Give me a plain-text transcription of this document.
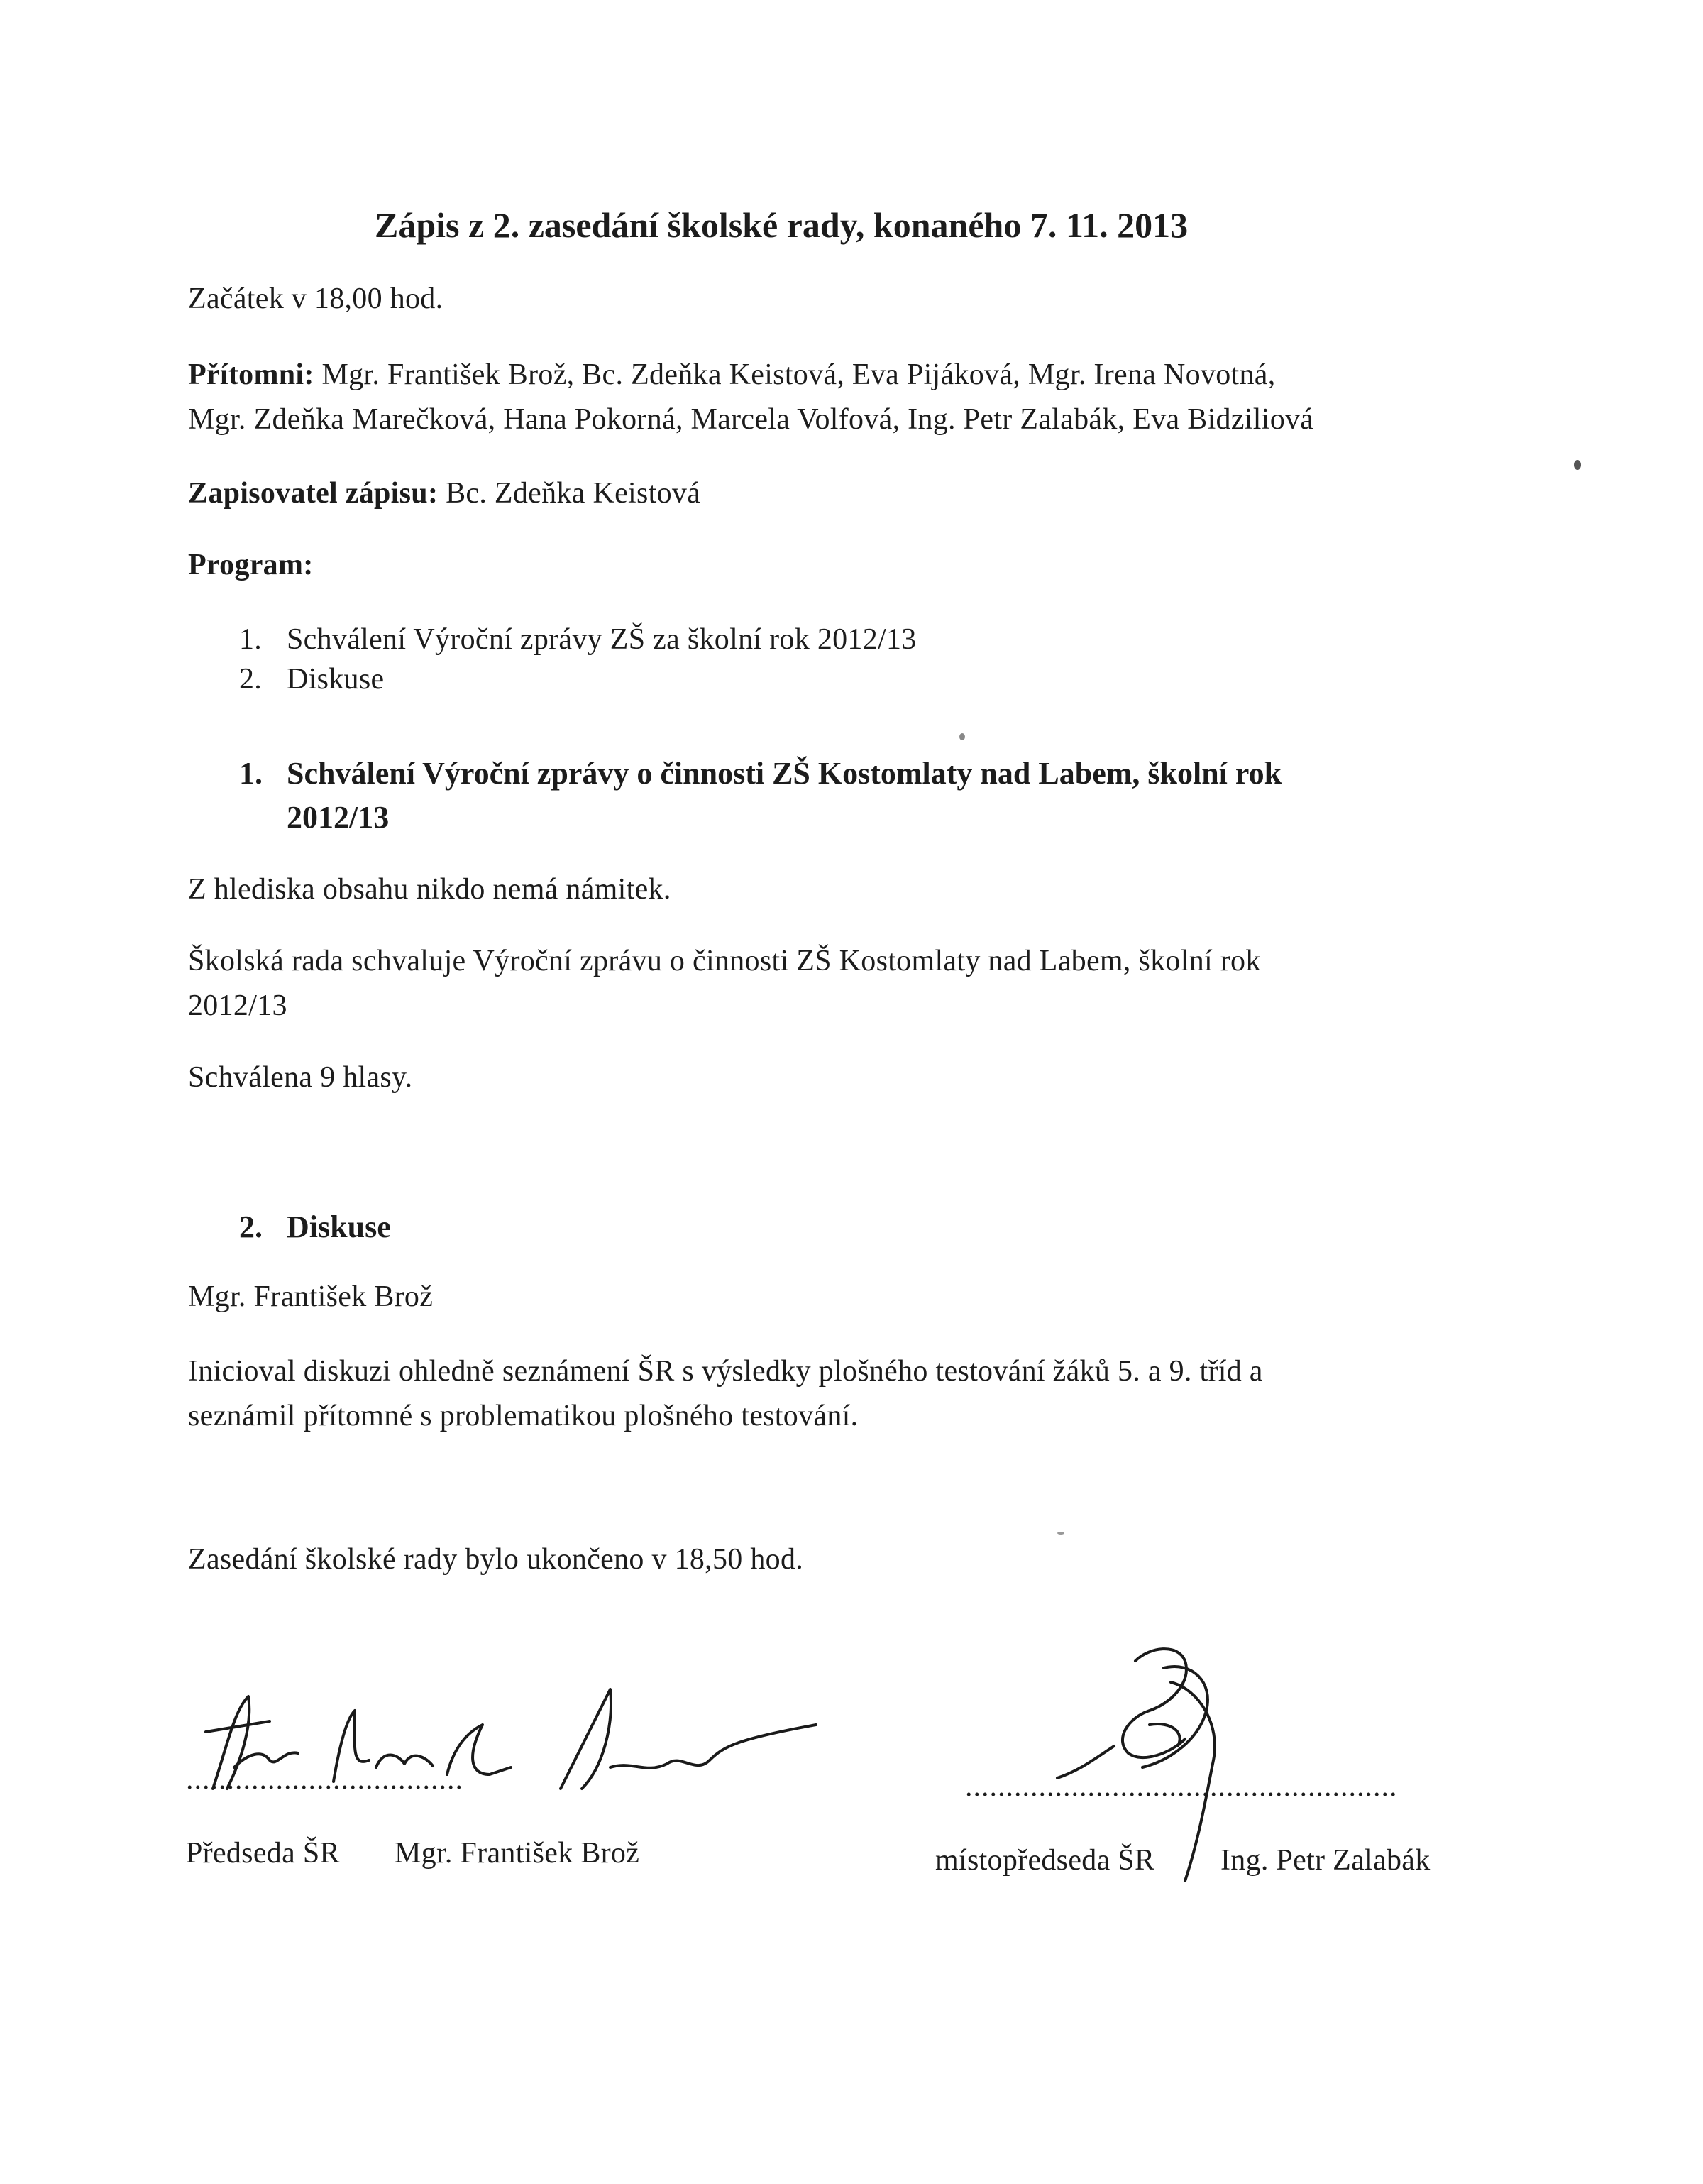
Zápis z 2. zasedání školské rady, konaného 7. 11. 2013
Začátek v 18,00 hod.
Přítomni: Mgr. František Brož, Bc. Zdeňka Keistová, Eva Pijáková, Mgr. Irena Novotná,
Mgr. Zdeňka Marečková, Hana Pokorná, Marcela Volfová, Ing. Petr Zalabák, Eva Bidziliová
Zapisovatel zápisu: Bc. Zdeňka Keistová
Program:
1. Schválení Výroční zprávy ZŠ za školní rok 2012/13
2. Diskuse
1. Schválení Výroční zprávy o činnosti ZŠ Kostomlaty nad Labem, školní rok
2012/13
Z hlediska obsahu nikdo nemá námitek.
Školská rada schvaluje Výroční zprávu o činnosti ZŠ Kostomlaty nad Labem, školní rok
2012/13
Schválena 9 hlasy.
2. Diskuse
Mgr. František Brož
Inicioval diskuzi ohledně seznámení ŠR s výsledky plošného testování žáků 5. a 9. tříd a
seznámil přítomné s problematikou plošného testování.
Zasedání školské rady bylo ukončeno v 18,50 hod.
..................................
Předseda ŠR Mgr. František Brož
.....................................................
místopředseda ŠR Ing. Petr Zalabák
